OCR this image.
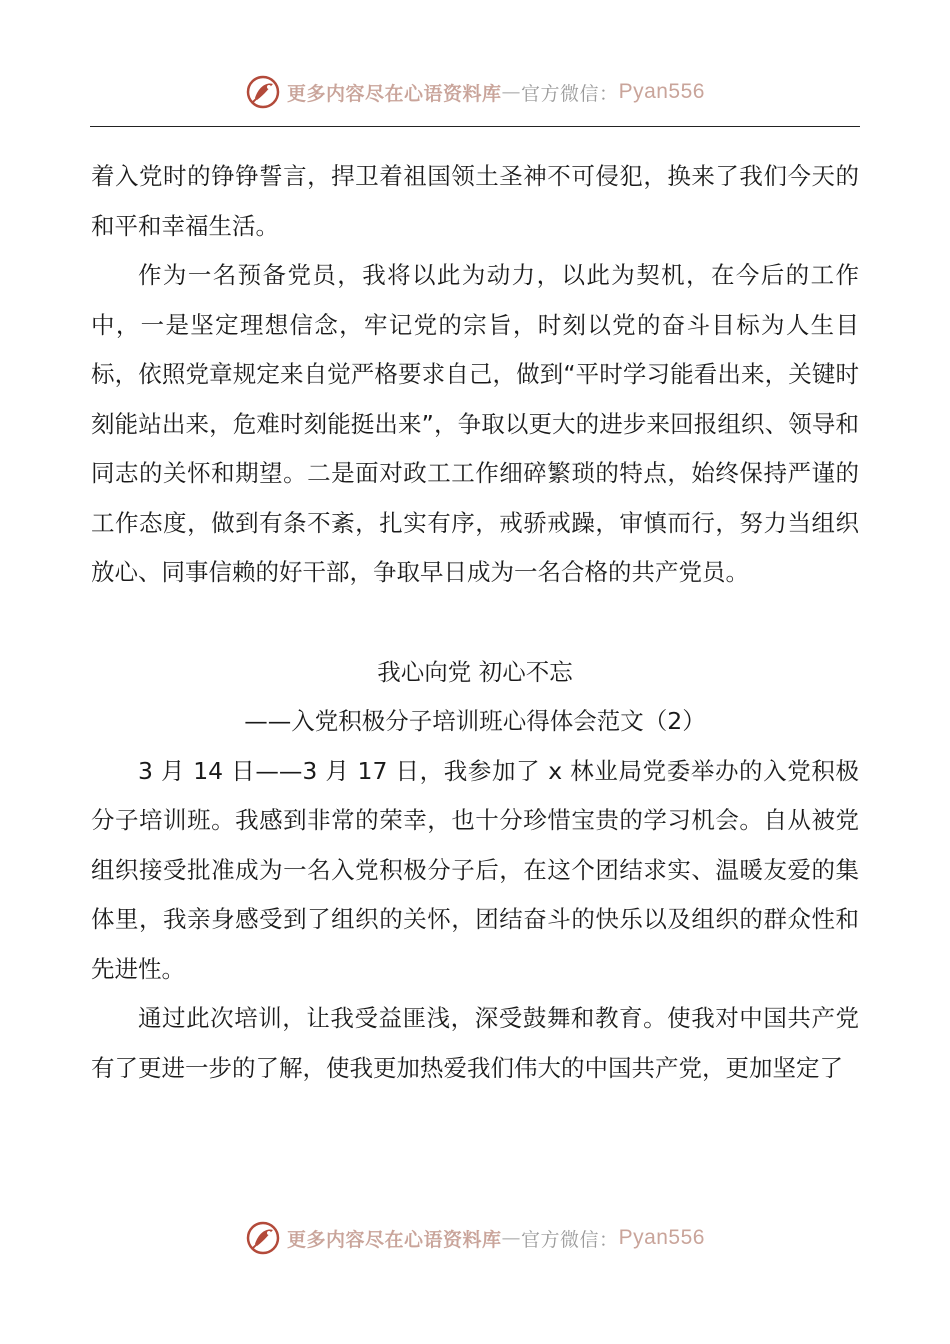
更多内容尽在心语资料库 — 官方微信： Pyan556

着入党时的铮铮誓言，捍卫着祖国领土圣神不可侵犯，换来了我们今天的和平和幸福生活。

作为一名预备党员，我将以此为动力，以此为契机，在今后的工作中，一是坚定理想信念，牢记党的宗旨，时刻以党的奋斗目标为人生目标，依照党章规定来自觉严格要求自己，做到“平时学习能看出来，关键时刻能站出来，危难时刻能挺出来”，争取以更大的进步来回报组织、领导和同志的关怀和期望。二是面对政工工作细碎繁琐的特点，始终保持严谨的工作态度，做到有条不紊，扎实有序，戒骄戒躁，审慎而行，努力当组织放心、同事信赖的好干部，争取早日成为一名合格的共产党员。

我心向党 初心不忘

——入党积极分子培训班心得体会范文（2）

3 月 14 日——3 月 17 日，我参加了 x 林业局党委举办的入党积极分子培训班。我感到非常的荣幸，也十分珍惜宝贵的学习机会。自从被党组织接受批准成为一名入党积极分子后，在这个团结求实、温暖友爱的集体里，我亲身感受到了组织的关怀，团结奋斗的快乐以及组织的群众性和先进性。

通过此次培训，让我受益匪浅，深受鼓舞和教育。使我对中国共产党有了更进一步的了解，使我更加热爱我们伟大的中国共产党，更加坚定了

更多内容尽在心语资料库 — 官方微信： Pyan556
